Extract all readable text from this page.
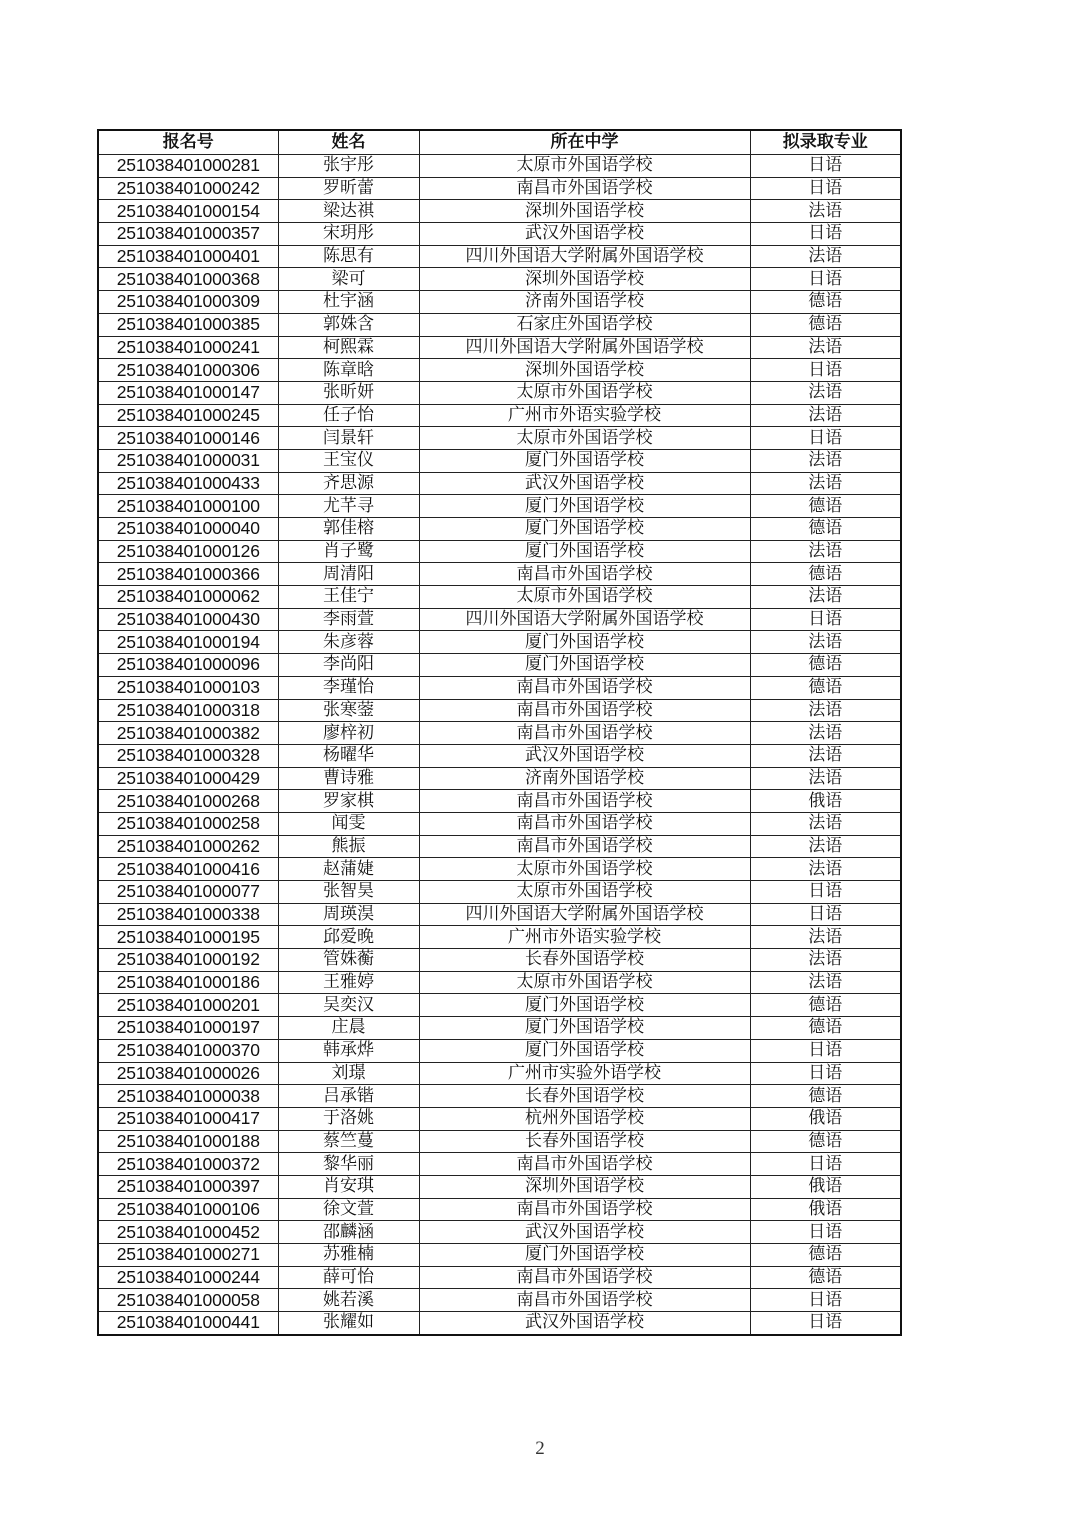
报名号	姓名	所在中学	拟录取专业
251038401000281	张宇彤	太原市外国语学校	日语
251038401000242	罗昕蕾	南昌市外国语学校	日语
251038401000154	梁达祺	深圳外国语学校	法语
251038401000357	宋玥彤	武汉外国语学校	日语
251038401000401	陈思有	四川外国语大学附属外国语学校	法语
251038401000368	梁可	深圳外国语学校	日语
251038401000309	杜宇涵	济南外国语学校	德语
251038401000385	郭姝含	石家庄外国语学校	德语
251038401000241	柯熙霖	四川外国语大学附属外国语学校	法语
251038401000306	陈章晗	深圳外国语学校	日语
251038401000147	张昕妍	太原市外国语学校	法语
251038401000245	任子怡	广州市外语实验学校	法语
251038401000146	闫景轩	太原市外国语学校	日语
251038401000031	王宝仪	厦门外国语学校	法语
251038401000433	齐思源	武汉外国语学校	法语
251038401000100	尤芊寻	厦门外国语学校	德语
251038401000040	郭佳榕	厦门外国语学校	德语
251038401000126	肖子鹭	厦门外国语学校	法语
251038401000366	周清阳	南昌市外国语学校	德语
251038401000062	王佳宁	太原市外国语学校	法语
251038401000430	李雨萱	四川外国语大学附属外国语学校	日语
251038401000194	朱彦蓉	厦门外国语学校	法语
251038401000096	李尚阳	厦门外国语学校	德语
251038401000103	李瑾怡	南昌市外国语学校	德语
251038401000318	张寒蓥	南昌市外国语学校	法语
251038401000382	廖梓初	南昌市外国语学校	法语
251038401000328	杨曜华	武汉外国语学校	法语
251038401000429	曹诗雅	济南外国语学校	法语
251038401000268	罗家棋	南昌市外国语学校	俄语
251038401000258	闻雯	南昌市外国语学校	法语
251038401000262	熊振	南昌市外国语学校	法语
251038401000416	赵蒲婕	太原市外国语学校	法语
251038401000077	张智昊	太原市外国语学校	日语
251038401000338	周瑛淏	四川外国语大学附属外国语学校	日语
251038401000195	邱爱晚	广州市外语实验学校	法语
251038401000192	管姝蘅	长春外国语学校	法语
251038401000186	王雅婷	太原市外国语学校	法语
251038401000201	吴奕汉	厦门外国语学校	德语
251038401000197	庄晨	厦门外国语学校	德语
251038401000370	韩承烨	厦门外国语学校	日语
251038401000026	刘璟	广州市实验外语学校	日语
251038401000038	吕承锴	长春外国语学校	德语
251038401000417	于洛姚	杭州外国语学校	俄语
251038401000188	蔡竺蔓	长春外国语学校	德语
251038401000372	黎华丽	南昌市外国语学校	日语
251038401000397	肖安琪	深圳外国语学校	俄语
251038401000106	徐文萱	南昌市外国语学校	俄语
251038401000452	邵麟涵	武汉外国语学校	日语
251038401000271	苏雅楠	厦门外国语学校	德语
251038401000244	薛可怡	南昌市外国语学校	德语
251038401000058	姚若溪	南昌市外国语学校	日语
251038401000441	张耀如	武汉外国语学校	日语
2
